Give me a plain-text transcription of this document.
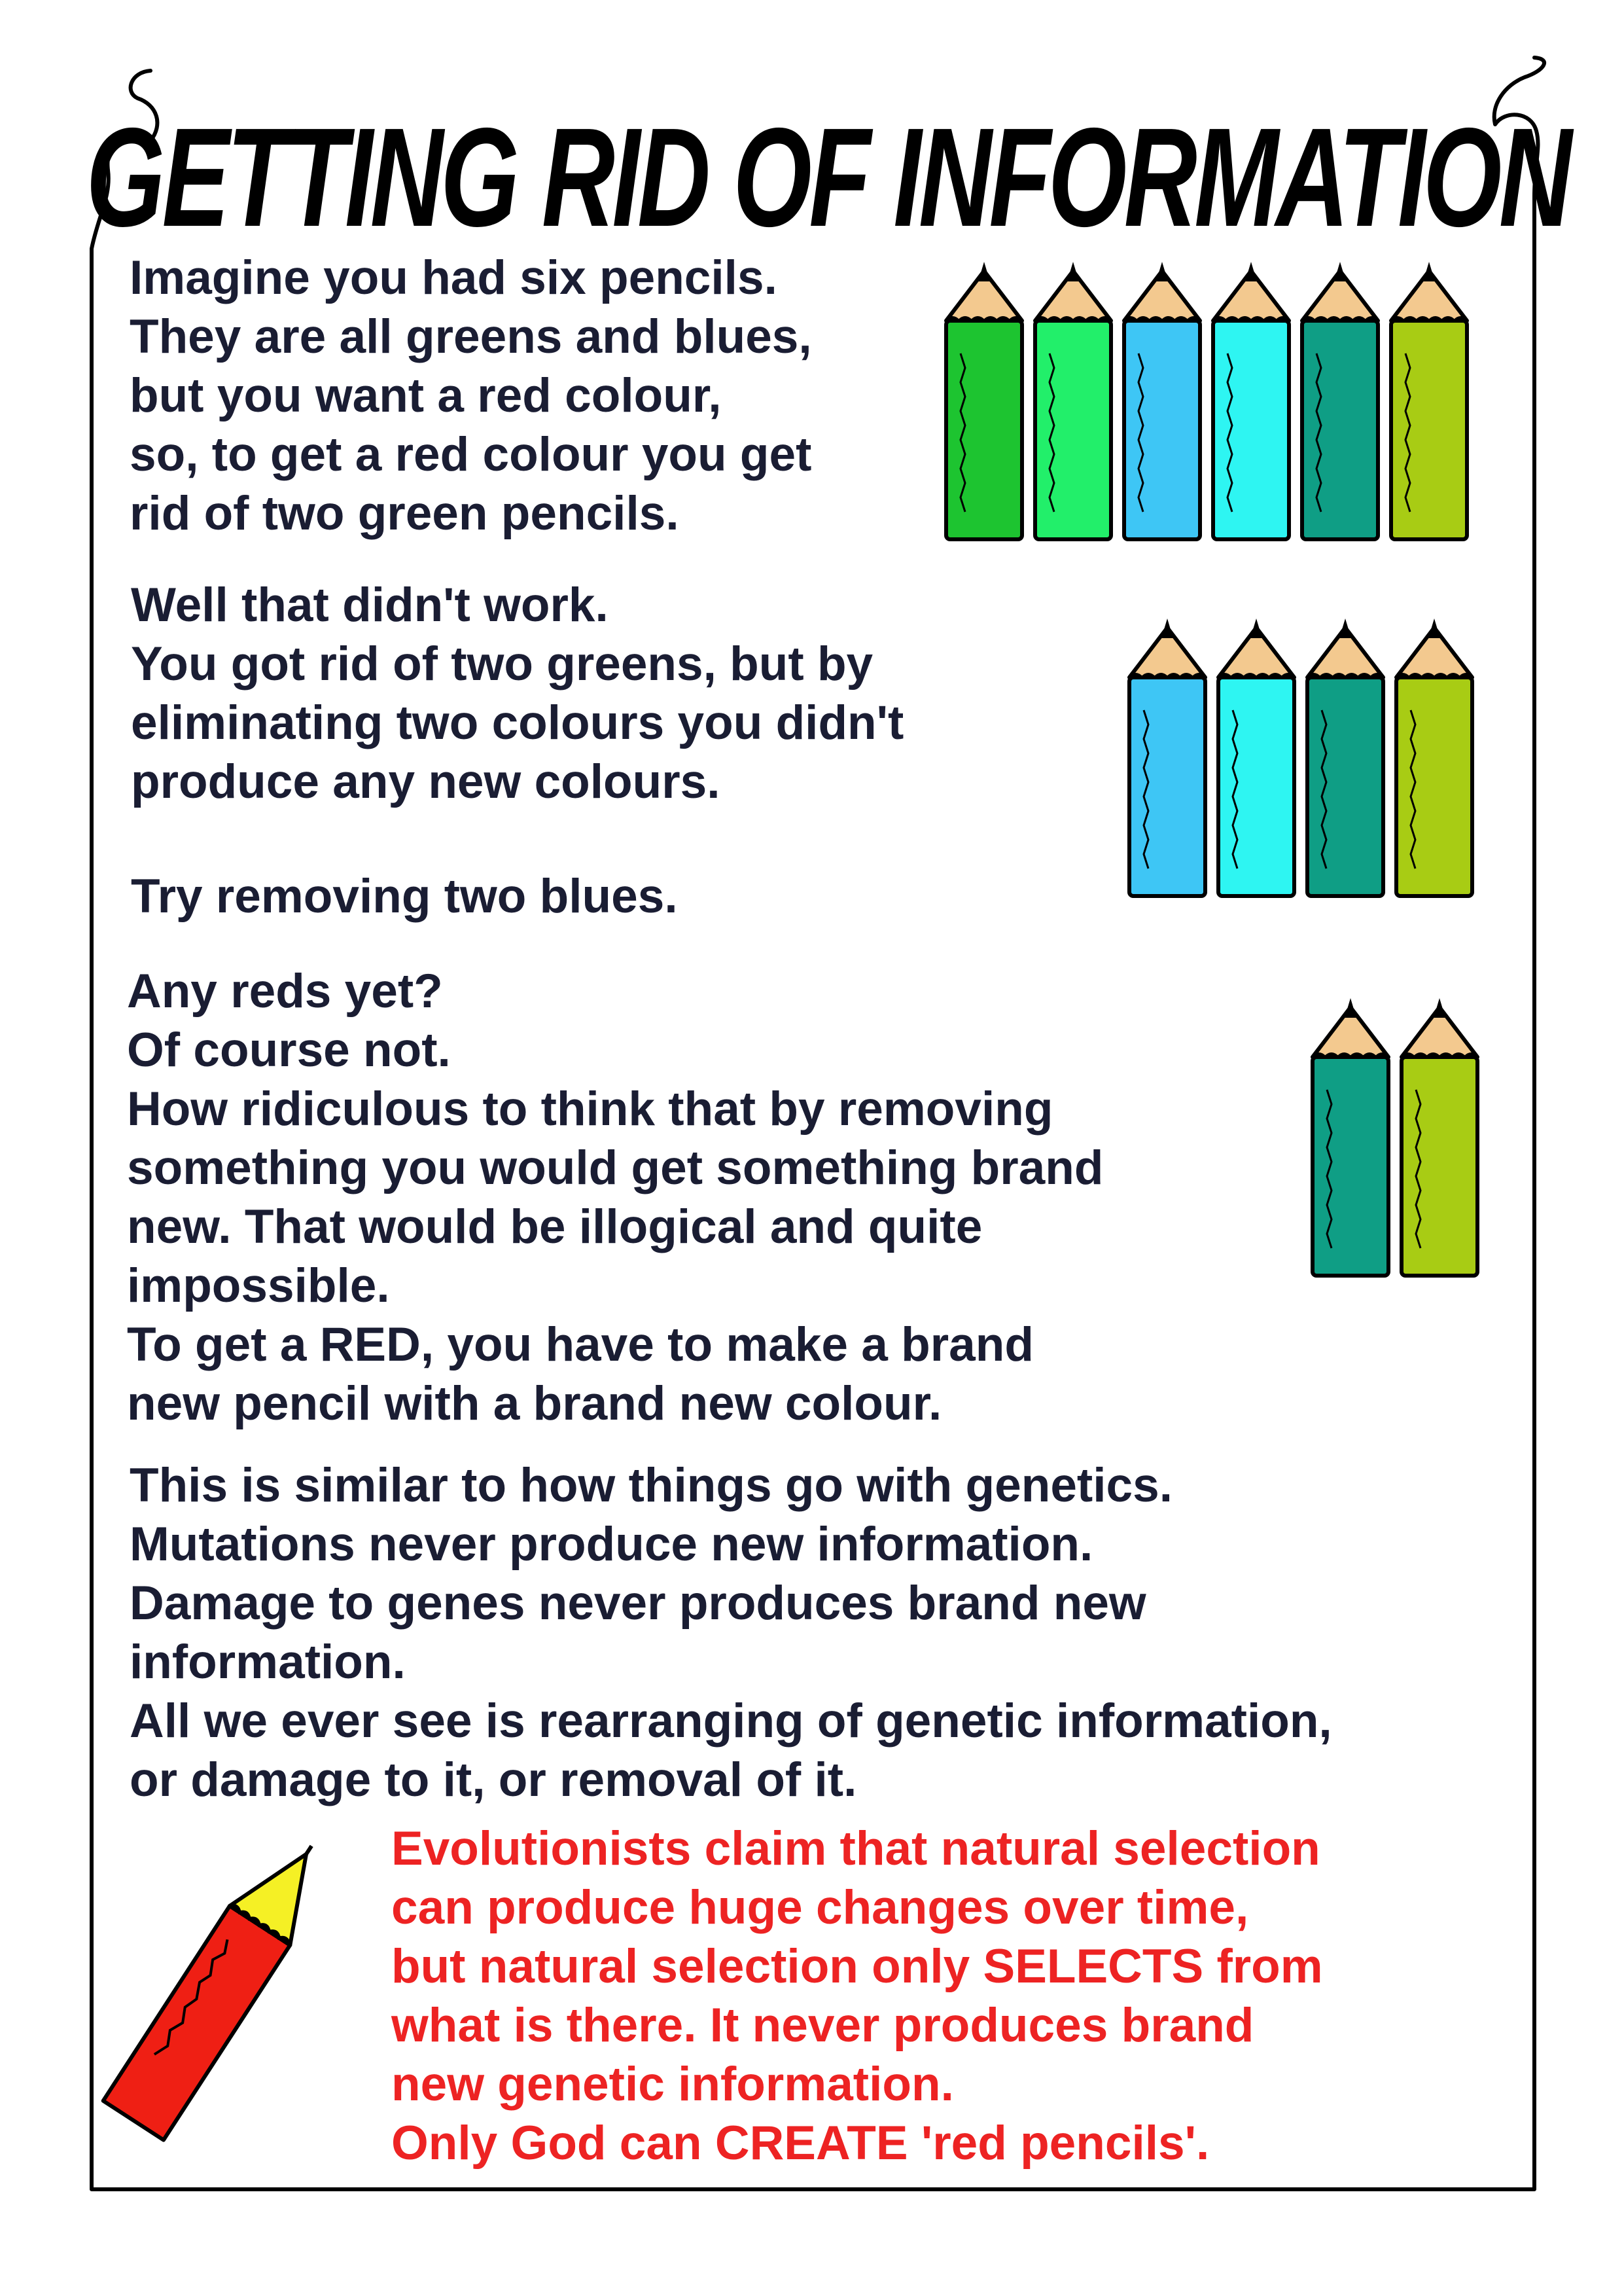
GETTING RID OF INFORMATION
Imagine you had six pencils.
They are all greens and blues,
but you want a red colour,
so, to get a red colour you get
rid of two green pencils.
Well that didn't work.
You got rid of two greens, but by
eliminating two colours you didn't
produce any new colours.
Try removing two blues.
Any reds yet?
Of course not.
How ridiculous to think that by removing
something you would get something brand
new. That would be illogical and quite
impossible.
To get a RED, you have to make a brand
new pencil with a brand new colour.
This is similar to how things go with genetics.
Mutations never produce new information.
Damage to genes never produces brand new
information.
All we ever see is rearranging of genetic information,
or damage to it, or removal of it.
Evolutionists claim that natural selection
can produce huge changes over time,
but natural selection only SELECTS from
what is there. It never produces brand
new genetic information.
Only God can CREATE 'red pencils'.
